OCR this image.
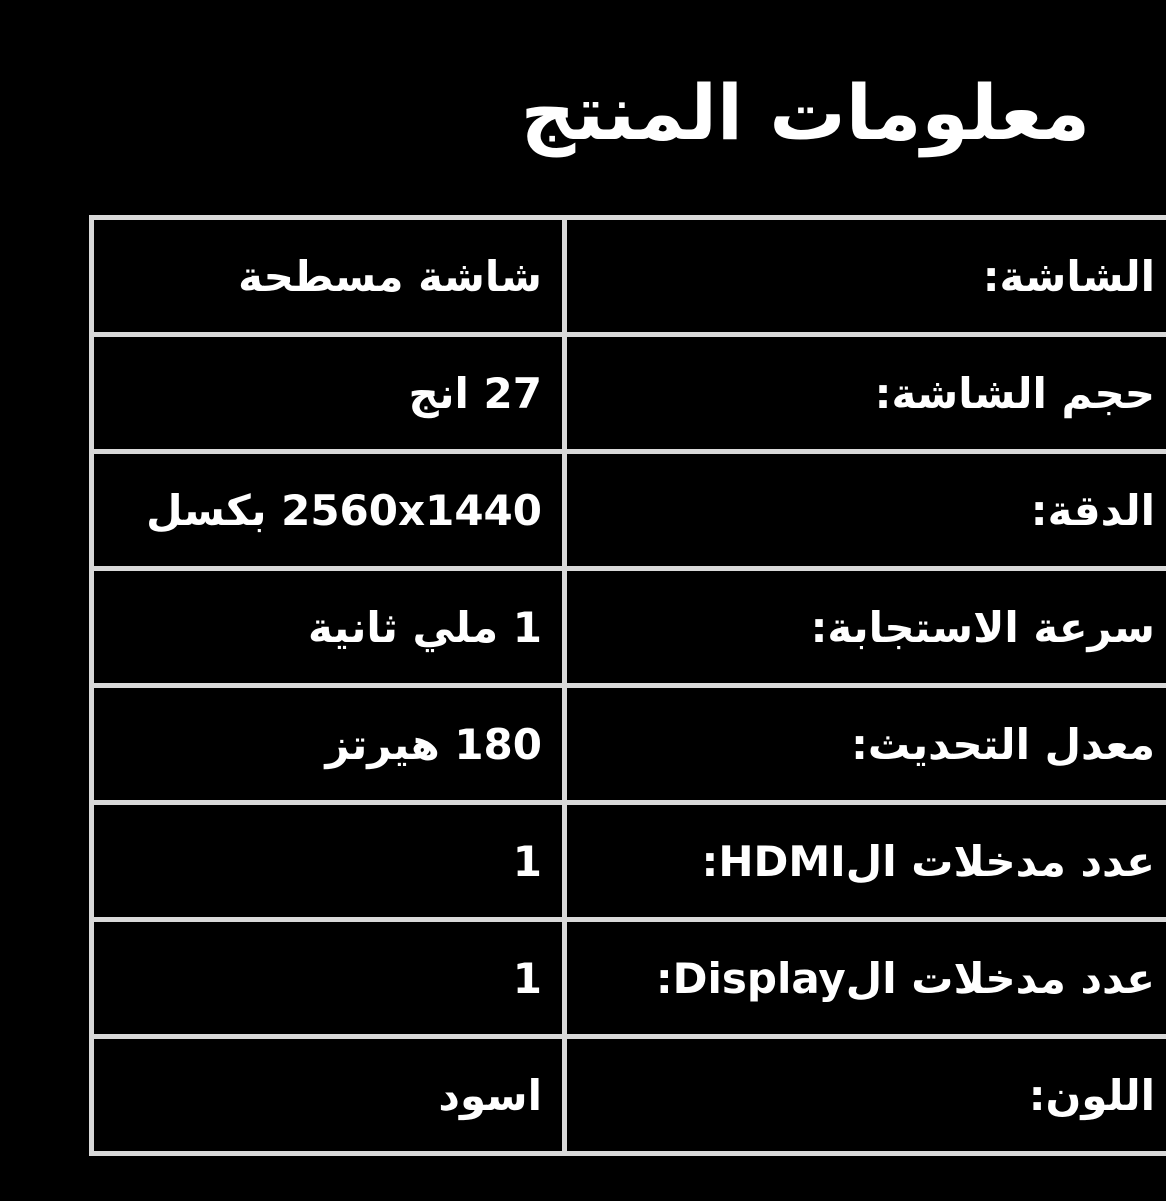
معلومات المنتج
الشاشة:	شاشة مسطحة
حجم الشاشة:	27 انج
الدقة:	2560x1440 بكسل
سرعة الاستجابة:	1 ملي ثانية
معدل التحديث:	180 هيرتز
عدد مدخلات الHDMI:	1
عدد مدخلات الDisplay:	1
اللون:	اسود
